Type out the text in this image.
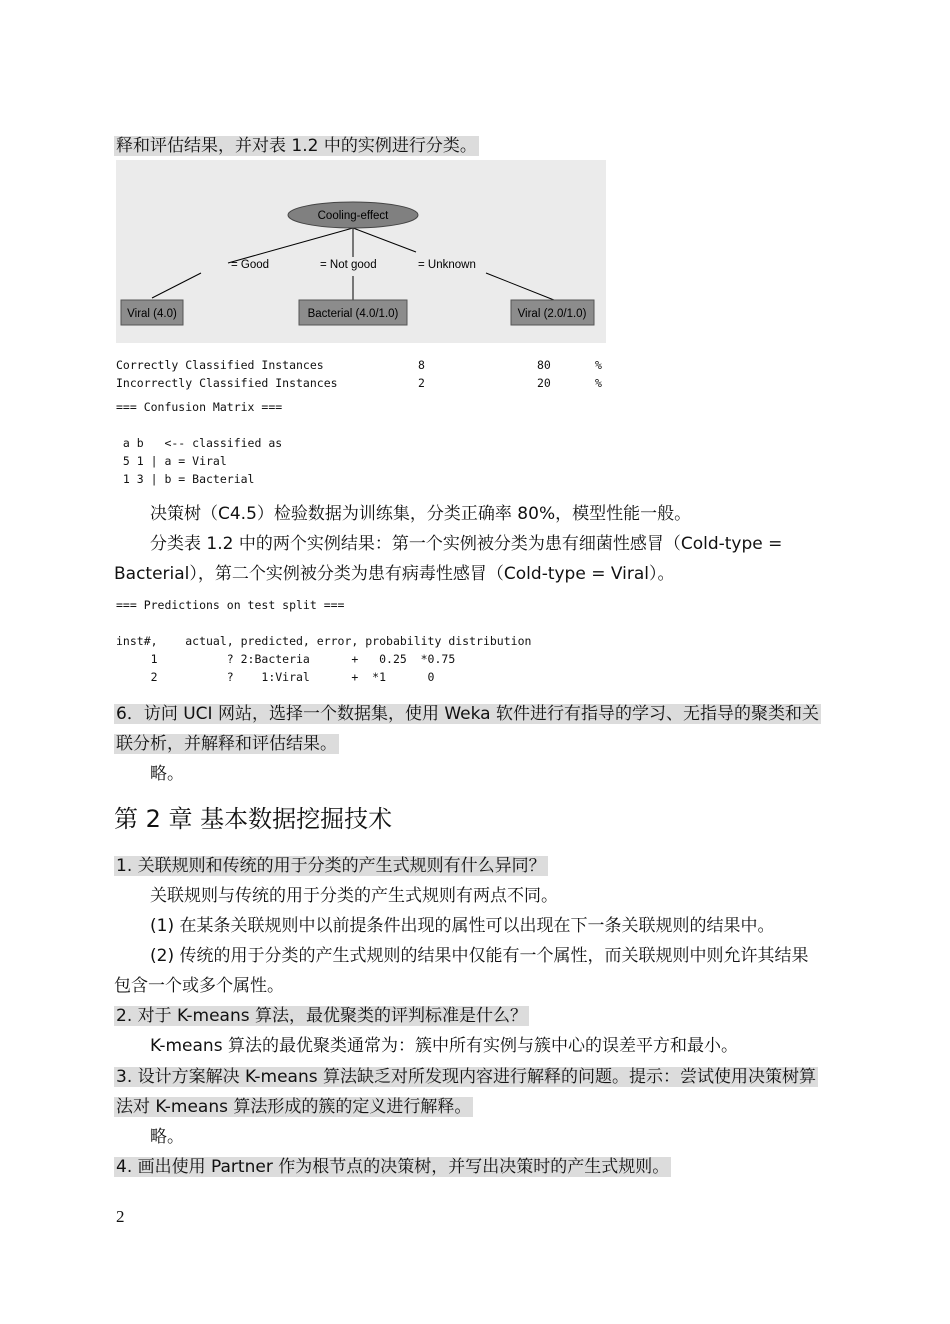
释和评估结果，并对表 1.2 中的实例进行分类。
Cooling-effect
= Good	= Not good	= Unknown
Viral (4.0)	Bacterial (4.0/1.0)	Viral (2.0/1.0)
Correctly Classified Instances	8	80	%
Incorrectly Classified Instances	2	20	%
=== Confusion Matrix ===
a b   <-- classified as
5 1 | a = Viral
1 3 | b = Bacterial
决策树（C4.5）检验数据为训练集，分类正确率 80%，模型性能一般。
分类表 1.2 中的两个实例结果：第一个实例被分类为患有细菌性感冒（Cold-type =
Bacterial），第二个实例被分类为患有病毒性感冒（Cold-type = Viral）。
=== Predictions on test split ===
inst#,    actual, predicted, error, probability distribution
1          ? 2:Bacteria      +   0.25  *0.75
2          ?    1:Viral      +  *1      0
6．访问 UCI 网站，选择一个数据集，使用 Weka 软件进行有指导的学习、无指导的聚类和关
联分析，并解释和评估结果。
略。
第 2 章 基本数据挖掘技术
1. 关联规则和传统的用于分类的产生式规则有什么异同？
关联规则与传统的用于分类的产生式规则有两点不同。
(1) 在某条关联规则中以前提条件出现的属性可以出现在下一条关联规则的结果中。
(2) 传统的用于分类的产生式规则的结果中仅能有一个属性，而关联规则中则允许其结果
包含一个或多个属性。
2. 对于 K-means 算法，最优聚类的评判标准是什么？
K-means 算法的最优聚类通常为：簇中所有实例与簇中心的误差平方和最小。
3. 设计方案解决 K-means 算法缺乏对所发现内容进行解释的问题。提示：尝试使用决策树算
法对 K-means 算法形成的簇的定义进行解释。
略。
4. 画出使用 Partner 作为根节点的决策树，并写出决策时的产生式规则。
2
